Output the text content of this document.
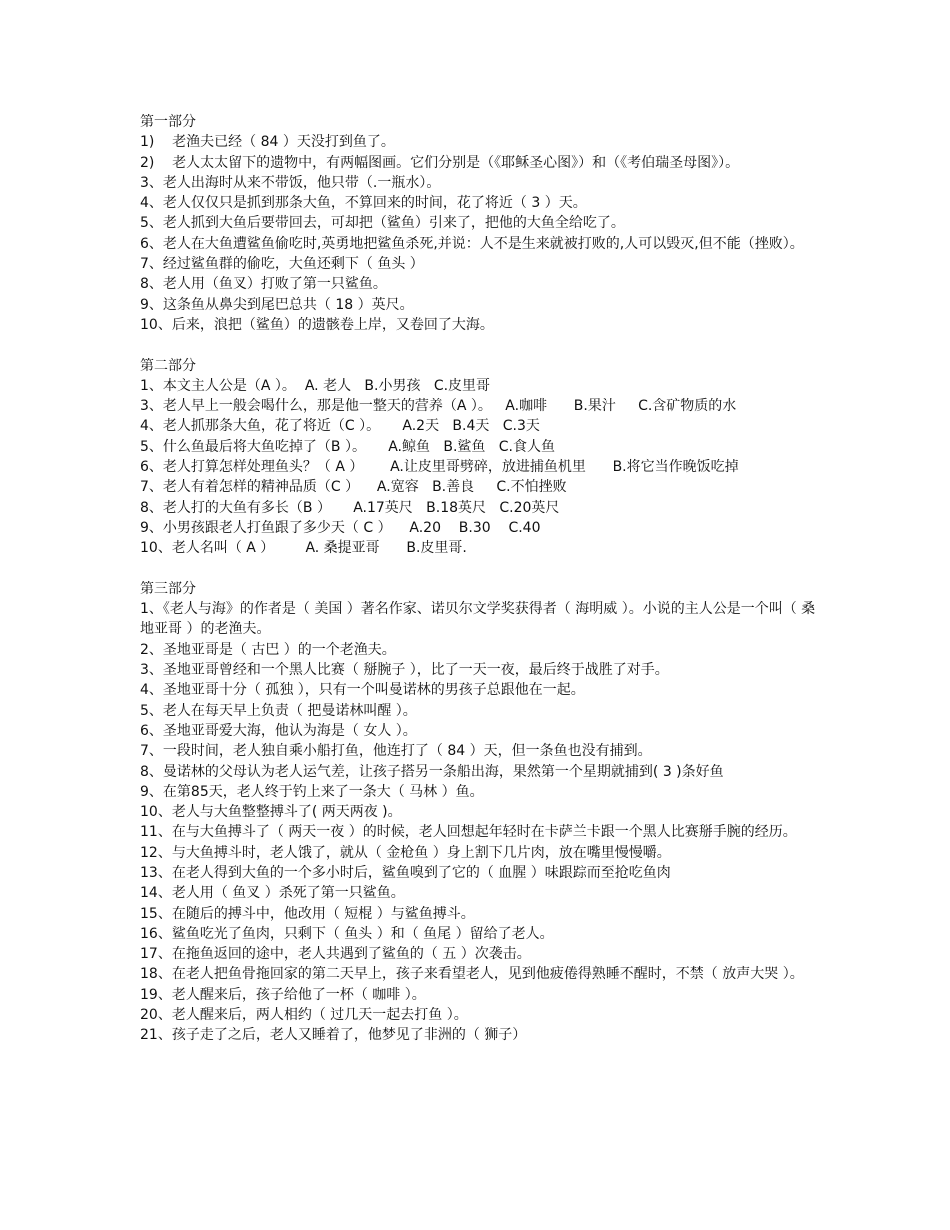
第一部分

1)    老渔夫已经（ 84 ）天没打到鱼了。

2)    老人太太留下的遗物中，有两幅图画。它们分别是（《耶稣圣心图》）和（《考伯瑞圣母图》）。

3、老人出海时从来不带饭，他只带（.一瓶水）。

4、老人仅仅只是抓到那条大鱼，不算回来的时间，花了将近（ 3 ）天。

5、老人抓到大鱼后要带回去，可却把（鲨鱼）引来了，把他的大鱼全给吃了。

6、老人在大鱼遭鲨鱼偷吃时,英勇地把鲨鱼杀死,并说：人不是生来就被打败的,人可以毁灭,但不能（挫败）。

7、经过鲨鱼群的偷吃，大鱼还剩下（ 鱼头 ）

8、老人用（鱼叉）打败了第一只鲨鱼。

9、这条鱼从鼻尖到尾巴总共（ 18 ）英尺。

10、后来，浪把（鲨鱼）的遗骸卷上岸，又卷回了大海。

第二部分

1、本文主人公是（A ）。  A. 老人   B.小男孩   C.皮里哥

3、老人早上一般会喝什么，那是他一整天的营养（A ）。   A.咖啡      B.果汁     C.含矿物质的水

4、老人抓那条大鱼，花了将近（C ）。     A.2天   B.4天   C.3天

5、什么鱼最后将大鱼吃掉了（B ）。     A.鲸鱼   B.鲨鱼   C.食人鱼

6、老人打算怎样处理鱼头？（ A ）      A.让皮里哥劈碎，放进捕鱼机里      B.将它当作晚饭吃掉

7、老人有着怎样的精神品质（C ）    A.宽容   B.善良     C.不怕挫败

8、老人打的大鱼有多长（B ）     A.17英尺   B.18英尺   C.20英尺

9、小男孩跟老人打鱼跟了多少天（ C ）    A.20    B.30    C.40

10、老人名叫（ A ）       A. 桑提亚哥      B.皮里哥.

第三部分

1、《老人与海》的作者是（ 美国 ）著名作家、诺贝尔文学奖获得者（ 海明威 ）。小说的主人公是一个叫（ 桑地亚哥 ）的老渔夫。

2、圣地亚哥是（ 古巴 ）的一个老渔夫。

3、圣地亚哥曾经和一个黑人比赛（ 掰腕子 ），比了一天一夜，最后终于战胜了对手。

4、圣地亚哥十分（ 孤独 ），只有一个叫曼诺林的男孩子总跟他在一起。

5、老人在每天早上负责（ 把曼诺林叫醒 ）。

6、圣地亚哥爱大海，他认为海是（ 女人 ）。

7、一段时间，老人独自乘小船打鱼，他连打了（ 84 ）天，但一条鱼也没有捕到。

8、曼诺林的父母认为老人运气差，让孩子搭另一条船出海，果然第一个星期就捕到( 3 )条好鱼

9、在第85天，老人终于钓上来了一条大（ 马林 ）鱼。

10、老人与大鱼整整搏斗了( 两天两夜 )。

11、在与大鱼搏斗了（ 两天一夜 ）的时候，老人回想起年轻时在卡萨兰卡跟一个黑人比赛掰手腕的经历。

12、与大鱼搏斗时，老人饿了，就从（ 金枪鱼 ）身上割下几片肉，放在嘴里慢慢嚼。

13、在老人得到大鱼的一个多小时后，鲨鱼嗅到了它的（ 血腥 ）味跟踪而至抢吃鱼肉

14、老人用（ 鱼叉 ）杀死了第一只鲨鱼。

15、在随后的搏斗中，他改用（ 短棍 ）与鲨鱼搏斗。

16、鲨鱼吃光了鱼肉，只剩下（ 鱼头 ）和（ 鱼尾 ）留给了老人。

17、在拖鱼返回的途中，老人共遇到了鲨鱼的（ 五 ）次袭击。

18、在老人把鱼骨拖回家的第二天早上，孩子来看望老人，见到他疲倦得熟睡不醒时，不禁（ 放声大哭 ）。

19、老人醒来后，孩子给他了一杯（ 咖啡 ）。

20、老人醒来后，两人相约（ 过几天一起去打鱼 ）。

21、孩子走了之后，老人又睡着了，他梦见了非洲的（ 狮子）
